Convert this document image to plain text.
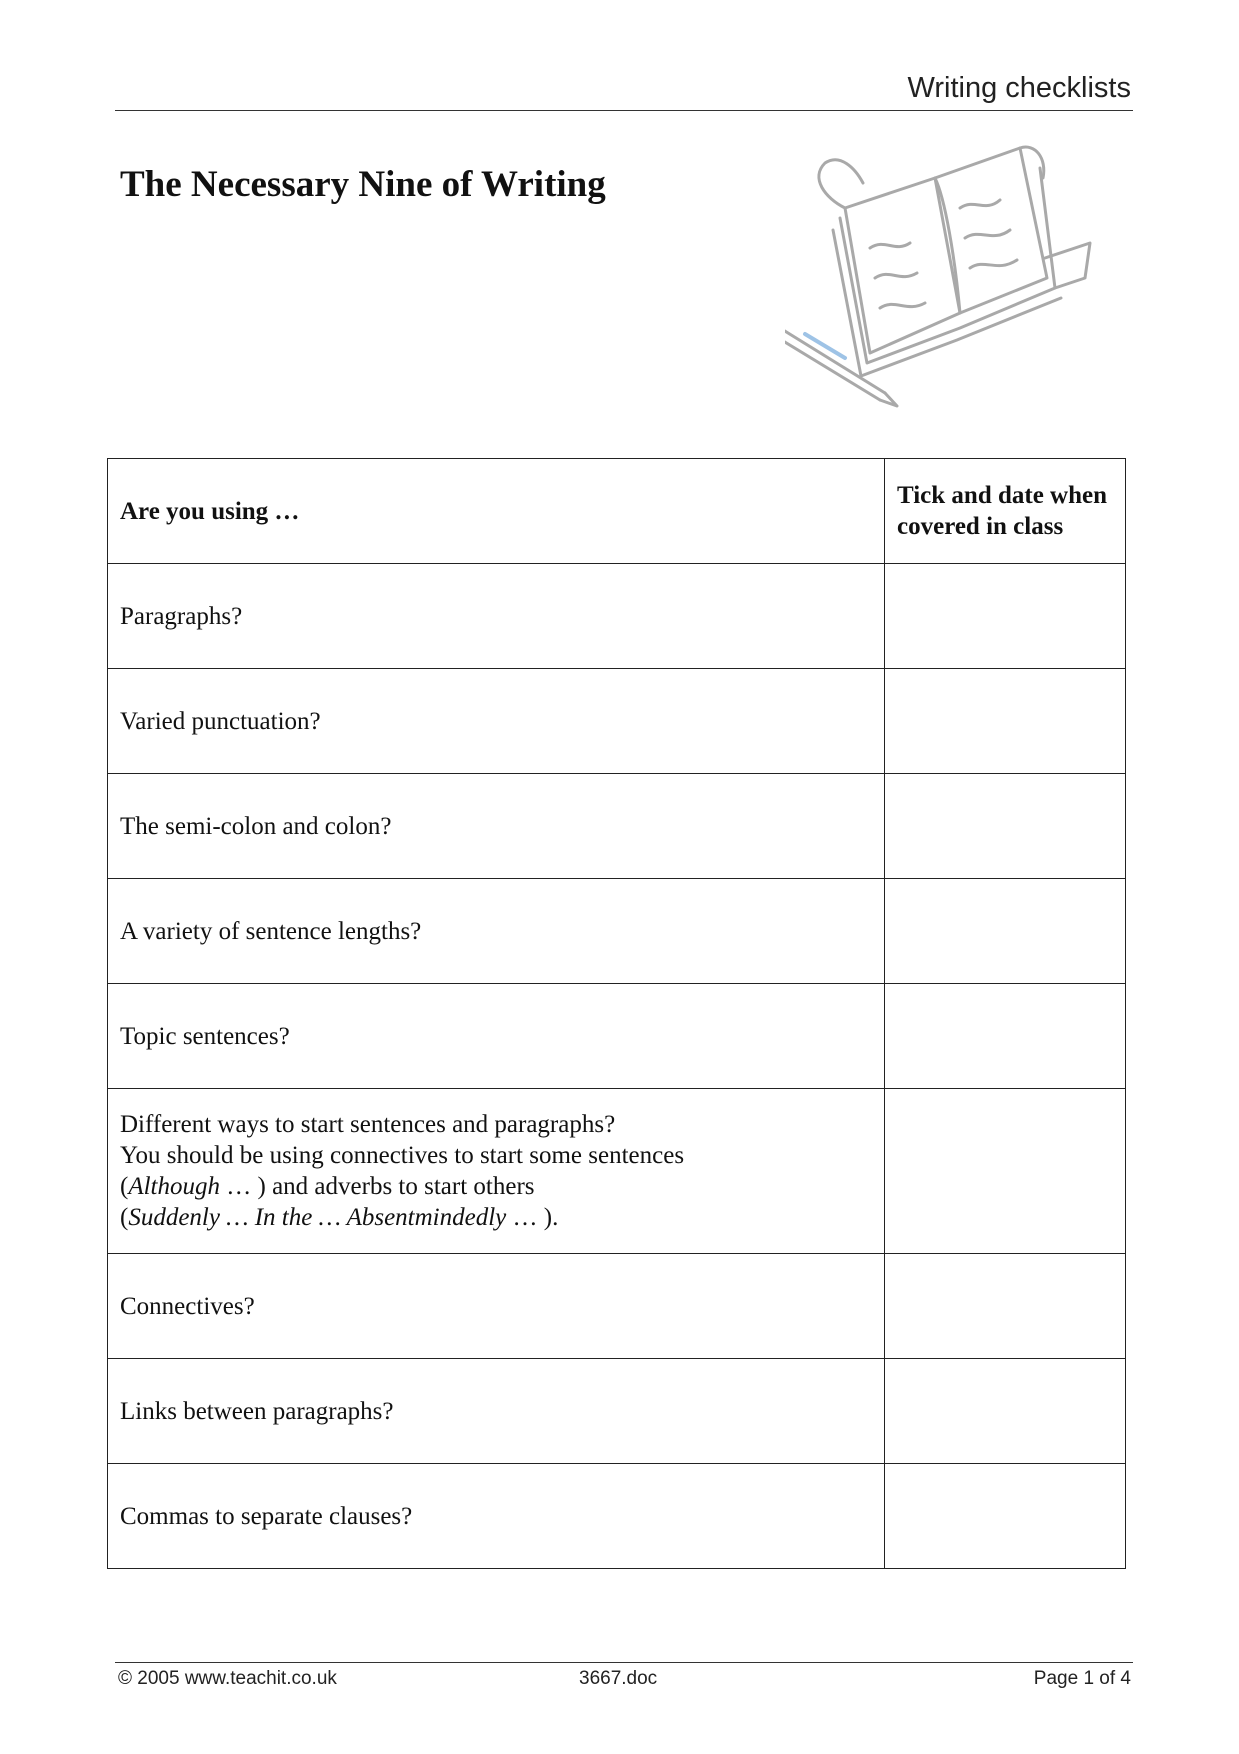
Writing checklists
The Necessary Nine of Writing
Are you using …	Tick and date when covered in class
Paragraphs?	
Varied punctuation?	
The semi-colon and colon?	
A variety of sentence lengths?	
Topic sentences?	

Different ways to start sentences and paragraphs?
You should be using connectives to start some sentences
(Although … ) and adverbs to start others
(Suddenly … In the … Absentmindedly … ).	

Connectives?	
Links between paragraphs?	
Commas to separate clauses?	
© 2005 www.teachit.co.uk	3667.doc	Page 1 of 4
